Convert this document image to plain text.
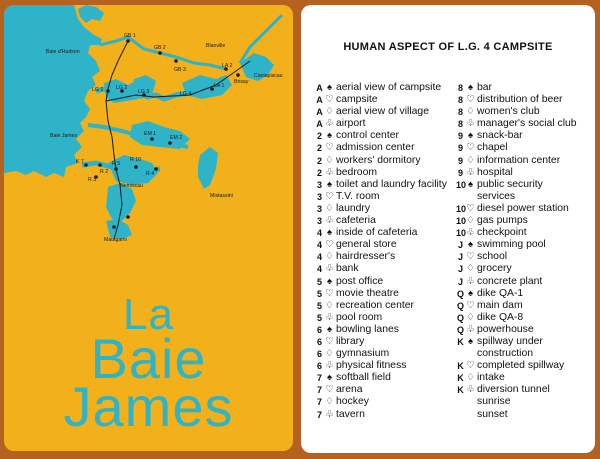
Baie d'Hudson
Baie James
GB 1
GB 2
GB 3
Blanville
LA 2
Brisay
LA 1
Caniapiscau
LG 1 LG 2
LG 3	LG 4
EM 1
EM 2
R 10
R 5
R 2
R 3
R 4
K 7
Nemiscau
Matagami
Mistassini
La
Baie
James
HUMAN ASPECT OF L.G. 4 CAMPSITE
A ♠ aerial view of campsite
A ♡ campsite
A ♢ aerial view of village
A ♧ airport
2 ♠ control center
2 ♡ admission center
2 ♢ workers' dormitory
2 ♧ bedroom
3 ♠ toilet and laundry facility
3 ♡ T.V. room
3 ♢ laundry
3 ♧ cafeteria
4 ♠ inside of cafeteria
4 ♡ general store
4 ♢ hairdresser's
4 ♧ bank
5 ♠ post office
5 ♡ movie theatre
5 ♢ recreation center
5 ♧ pool room
6 ♠ bowling lanes
6 ♡ library
6 ♢ gymnasium
6 ♧ physical fitness
7 ♠ softball field
7 ♡ arena
7 ♢ hockey
7 ♧ tavern
8 ♠ bar
8 ♡ distribution of beer
8 ♢ women's club
8 ♧ manager's social club
9 ♠ snack-bar
9 ♡ chapel
9 ♢ information center
9 ♧ hospital
10 ♠ public security
services
10 ♡ diesel power station
10 ♢ gas pumps
10 ♧ checkpoint
J ♠ swimming pool
J ♡ school
J ♢ grocery
J ♧ concrete plant
Q ♠ dike QA-1
Q ♡ main dam
Q ♢ dike QA-8
Q ♧ powerhouse
K ♠ spillway under
construction
K ♡ completed spillway
K ♢ intake
K ♧ diversion tunnel
sunrise
sunset
